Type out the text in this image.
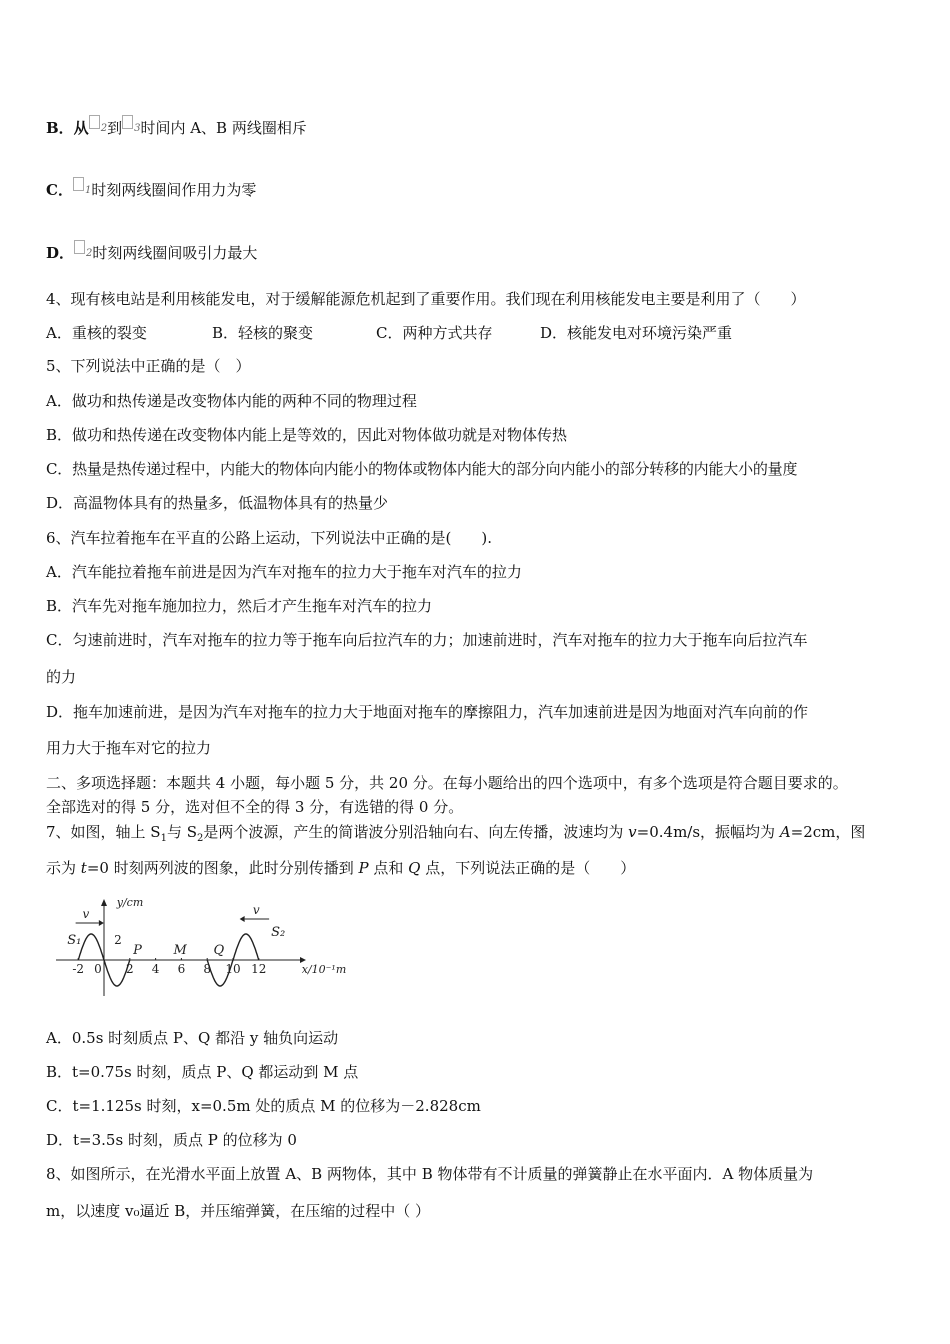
B．从 2到 3时间内 A、B 两线圈相斥
C． 1时刻两线圈间作用力为零
D． 2时刻两线圈间吸引力最大
4、现有核电站是利用核能发电，对于缓解能源危机起到了重要作用。我们现在利用核能发电主要是利用了（　　）
A．重核的裂变	B．轻核的聚变	C．两种方式共存	D．核能发电对环境污染严重
5、下列说法中正确的是（　）
A．做功和热传递是改变物体内能的两种不同的物理过程
B．做功和热传递在改变物体内能上是等效的，因此对物体做功就是对物体传热
C．热量是热传递过程中，内能大的物体向内能小的物体或物体内能大的部分向内能小的部分转移的内能大小的量度
D．高温物体具有的热量多，低温物体具有的热量少
6、汽车拉着拖车在平直的公路上运动，下列说法中正确的是(　　).
A．汽车能拉着拖车前进是因为汽车对拖车的拉力大于拖车对汽车的拉力
B．汽车先对拖车施加拉力，然后才产生拖车对汽车的拉力
C．匀速前进时，汽车对拖车的拉力等于拖车向后拉汽车的力；加速前进时，汽车对拖车的拉力大于拖车向后拉汽车
的力
D．拖车加速前进，是因为汽车对拖车的拉力大于地面对拖车的摩擦阻力，汽车加速前进是因为地面对汽车向前的作
用力大于拖车对它的拉力
二、多项选择题：本题共 4 小题，每小题 5 分，共 20 分。在每小题给出的四个选项中，有多个选项是符合题目要求的。
全部选对的得 5 分，选对但不全的得 3 分，有选错的得 0 分。
7、如图，轴上 $S_1$与 $S_2$是两个波源，产生的简谐波分别沿轴向右、向左传播，波速均为 v=0.4m/s，振幅均为 A=2cm，图
示为 t=0 时刻两列波的图象，此时分别传播到 P 点和 Q 点，下列说法正确的是（　　）
y/cm
x/10⁻¹m
-2 0 2 4 6 8 10 12
2
S₁
P M Q
S₂
v	v
A．0.5s 时刻质点 P、Q 都沿 y 轴负向运动
B．t=0.75s 时刻，质点 P、Q 都运动到 M 点
C．t=1.125s 时刻，x=0.5m 处的质点 M 的位移为－2.828cm
D．t=3.5s 时刻，质点 P 的位移为 0
8、如图所示，在光滑水平面上放置 A、B 两物体，其中 B 物体带有不计质量的弹簧静止在水平面内．A 物体质量为
m，以速度 v₀逼近 B，并压缩弹簧，在压缩的过程中（ ）
